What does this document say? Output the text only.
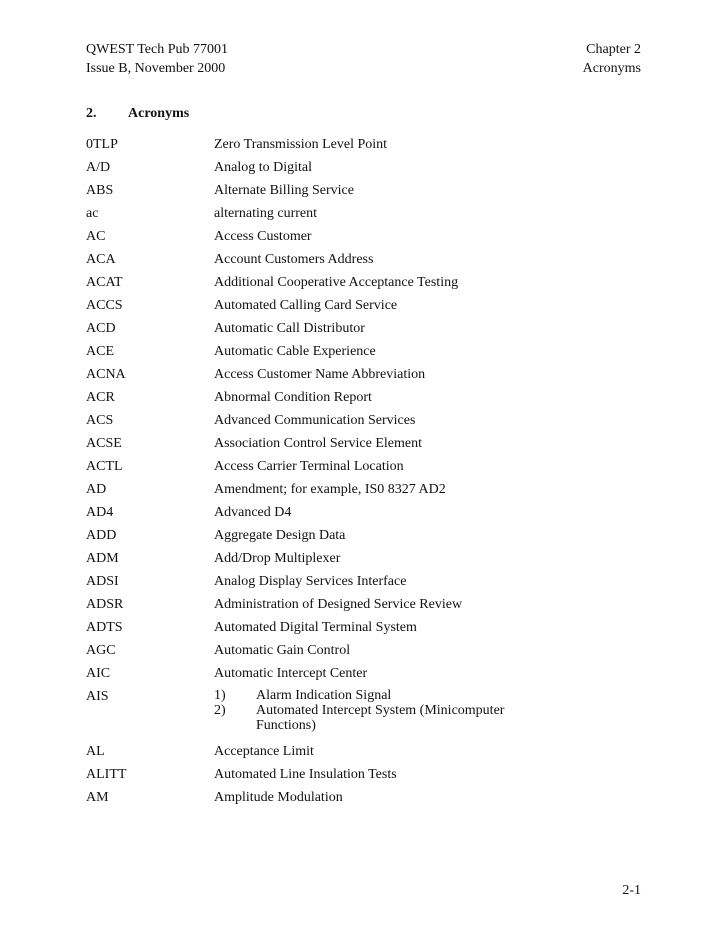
QWEST Tech Pub 77001
Issue B, November 2000
Chapter 2
Acronyms
2. Acronyms
0TLP	Zero Transmission Level Point
A/D	Analog to Digital
ABS	Alternate Billing Service
ac	alternating current
AC	Access Customer
ACA	Account Customers Address
ACAT	Additional Cooperative Acceptance Testing
ACCS	Automated Calling Card Service
ACD	Automatic Call Distributor
ACE	Automatic Cable Experience
ACNA	Access Customer Name Abbreviation
ACR	Abnormal Condition Report
ACS	Advanced Communication Services
ACSE	Association Control Service Element
ACTL	Access Carrier Terminal Location
AD	Amendment; for example, IS0 8327 AD2
AD4	Advanced D4
ADD	Aggregate Design Data
ADM	Add/Drop Multiplexer
ADSI	Analog Display Services Interface
ADSR	Administration of Designed Service Review
ADTS	Automated Digital Terminal System
AGC	Automatic Gain Control
AIC	Automatic Intercept Center
AIS	1)	Alarm Indication Signal
2)	Automated Intercept System (Minicomputer Functions)
AL	Acceptance Limit
ALITT	Automated Line Insulation Tests
AM	Amplitude Modulation
2-1
